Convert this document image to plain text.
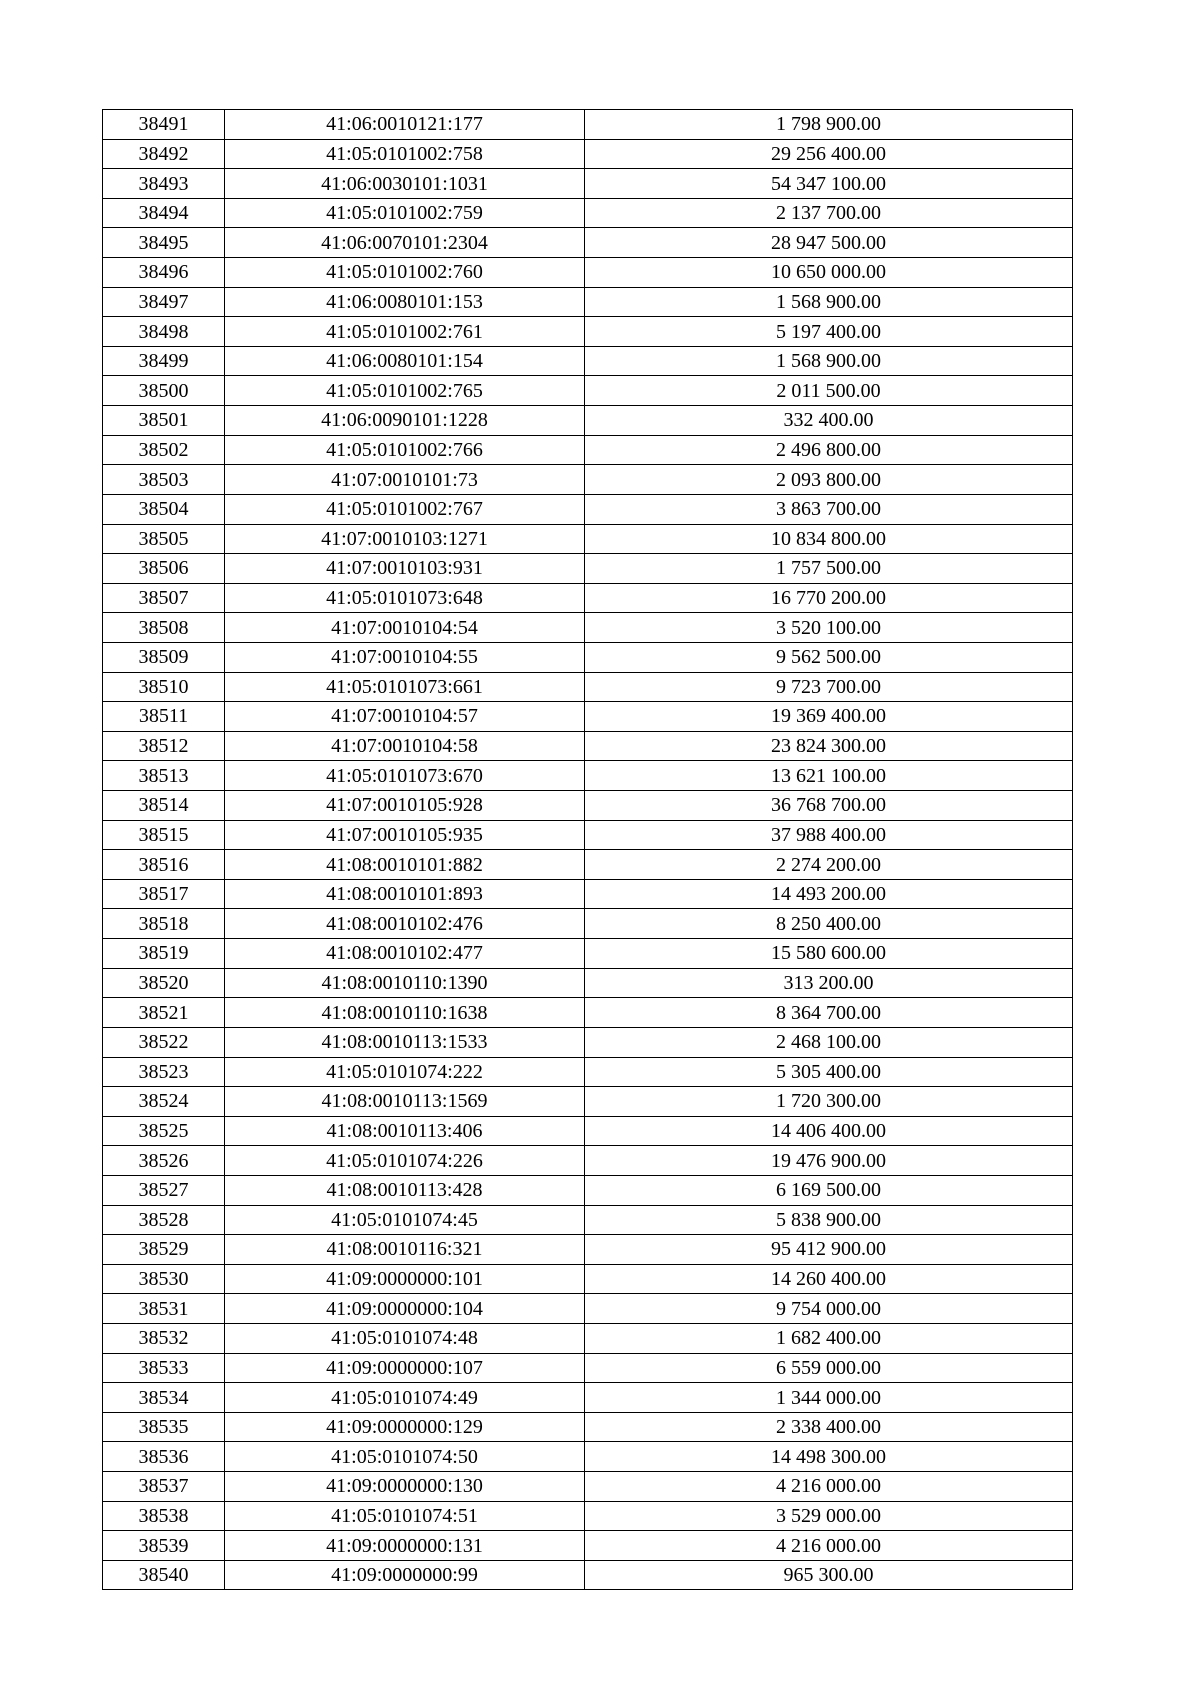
38491	41:06:0010121:177	1 798 900.00
38492	41:05:0101002:758	29 256 400.00
38493	41:06:0030101:1031	54 347 100.00
38494	41:05:0101002:759	2 137 700.00
38495	41:06:0070101:2304	28 947 500.00
38496	41:05:0101002:760	10 650 000.00
38497	41:06:0080101:153	1 568 900.00
38498	41:05:0101002:761	5 197 400.00
38499	41:06:0080101:154	1 568 900.00
38500	41:05:0101002:765	2 011 500.00
38501	41:06:0090101:1228	332 400.00
38502	41:05:0101002:766	2 496 800.00
38503	41:07:0010101:73	2 093 800.00
38504	41:05:0101002:767	3 863 700.00
38505	41:07:0010103:1271	10 834 800.00
38506	41:07:0010103:931	1 757 500.00
38507	41:05:0101073:648	16 770 200.00
38508	41:07:0010104:54	3 520 100.00
38509	41:07:0010104:55	9 562 500.00
38510	41:05:0101073:661	9 723 700.00
38511	41:07:0010104:57	19 369 400.00
38512	41:07:0010104:58	23 824 300.00
38513	41:05:0101073:670	13 621 100.00
38514	41:07:0010105:928	36 768 700.00
38515	41:07:0010105:935	37 988 400.00
38516	41:08:0010101:882	2 274 200.00
38517	41:08:0010101:893	14 493 200.00
38518	41:08:0010102:476	8 250 400.00
38519	41:08:0010102:477	15 580 600.00
38520	41:08:0010110:1390	313 200.00
38521	41:08:0010110:1638	8 364 700.00
38522	41:08:0010113:1533	2 468 100.00
38523	41:05:0101074:222	5 305 400.00
38524	41:08:0010113:1569	1 720 300.00
38525	41:08:0010113:406	14 406 400.00
38526	41:05:0101074:226	19 476 900.00
38527	41:08:0010113:428	6 169 500.00
38528	41:05:0101074:45	5 838 900.00
38529	41:08:0010116:321	95 412 900.00
38530	41:09:0000000:101	14 260 400.00
38531	41:09:0000000:104	9 754 000.00
38532	41:05:0101074:48	1 682 400.00
38533	41:09:0000000:107	6 559 000.00
38534	41:05:0101074:49	1 344 000.00
38535	41:09:0000000:129	2 338 400.00
38536	41:05:0101074:50	14 498 300.00
38537	41:09:0000000:130	4 216 000.00
38538	41:05:0101074:51	3 529 000.00
38539	41:09:0000000:131	4 216 000.00
38540	41:09:0000000:99	965 300.00
